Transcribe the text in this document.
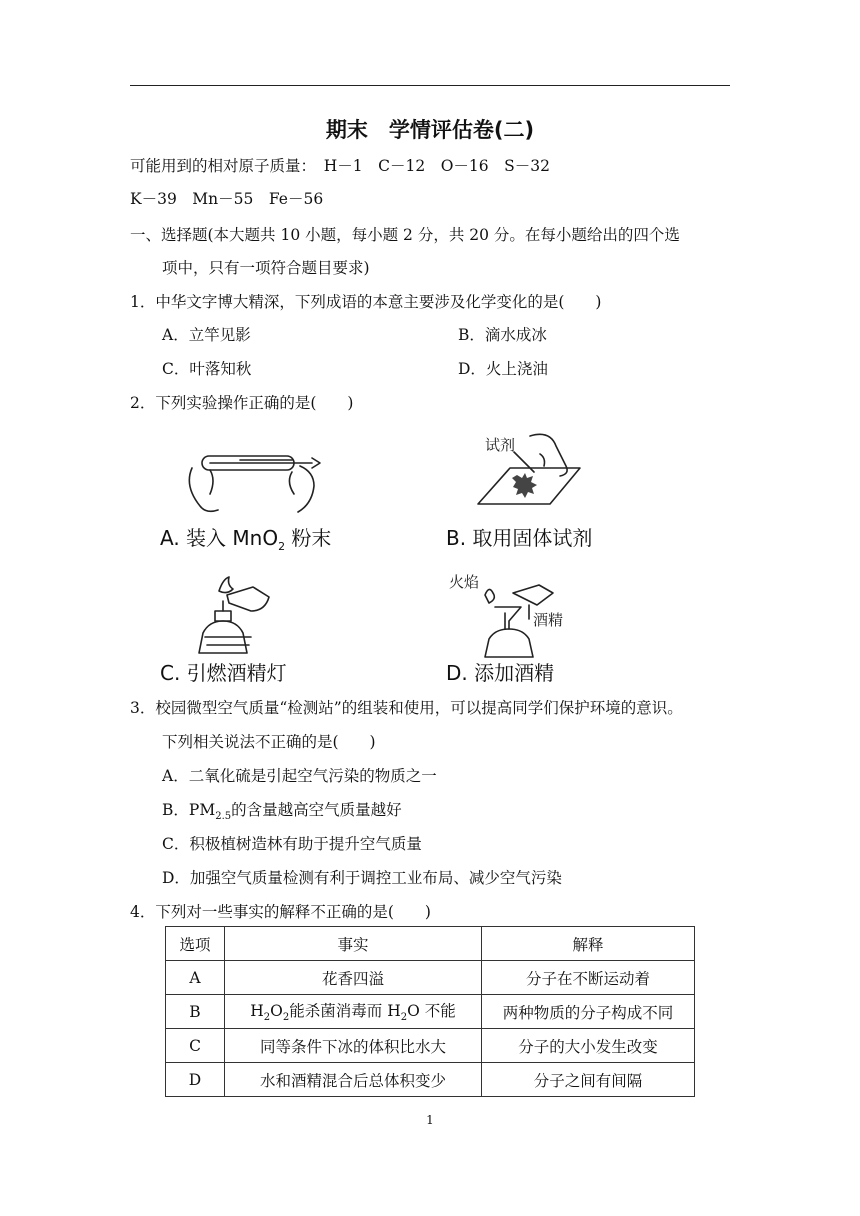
期末　学情评估卷(二)
可能用到的相对原子质量：　H－1　C－12　O－16　S－32
K－39　Mn－55　Fe－56
一、选择题(本大题共 10 小题，每小题 2 分，共 20 分。在每小题给出的四个选
项中，只有一项符合题目要求)
1．中华文字博大精深，下列成语的本意主要涉及化学变化的是(　　)
A．立竿见影	B．滴水成冰
C．叶落知秋	D．火上浇油
2．下列实验操作正确的是(　　)
A. 装入 MnO$_2$ 粉末
试剂
B. 取用固体试剂
C. 引燃酒精灯
火焰
酒精
D. 添加酒精
3．校园微型空气质量“检测站”的组装和使用，可以提高同学们保护环境的意识。
下列相关说法不正确的是(　　)
A．二氧化硫是引起空气污染的物质之一
B．$PM_{2.5}$的含量越高空气质量越好
C．积极植树造林有助于提升空气质量
D．加强空气质量检测有利于调控工业布局、减少空气污染
4．下列对一些事实的解释不正确的是(　　)
选项	事实	解释
A	花香四溢	分子在不断运动着
B	$H_2O_2$能杀菌消毒而 $H_2O$ 不能	两种物质的分子构成不同
C	同等条件下冰的体积比水大	分子的大小发生改变
D	水和酒精混合后总体积变少	分子之间有间隔
1
